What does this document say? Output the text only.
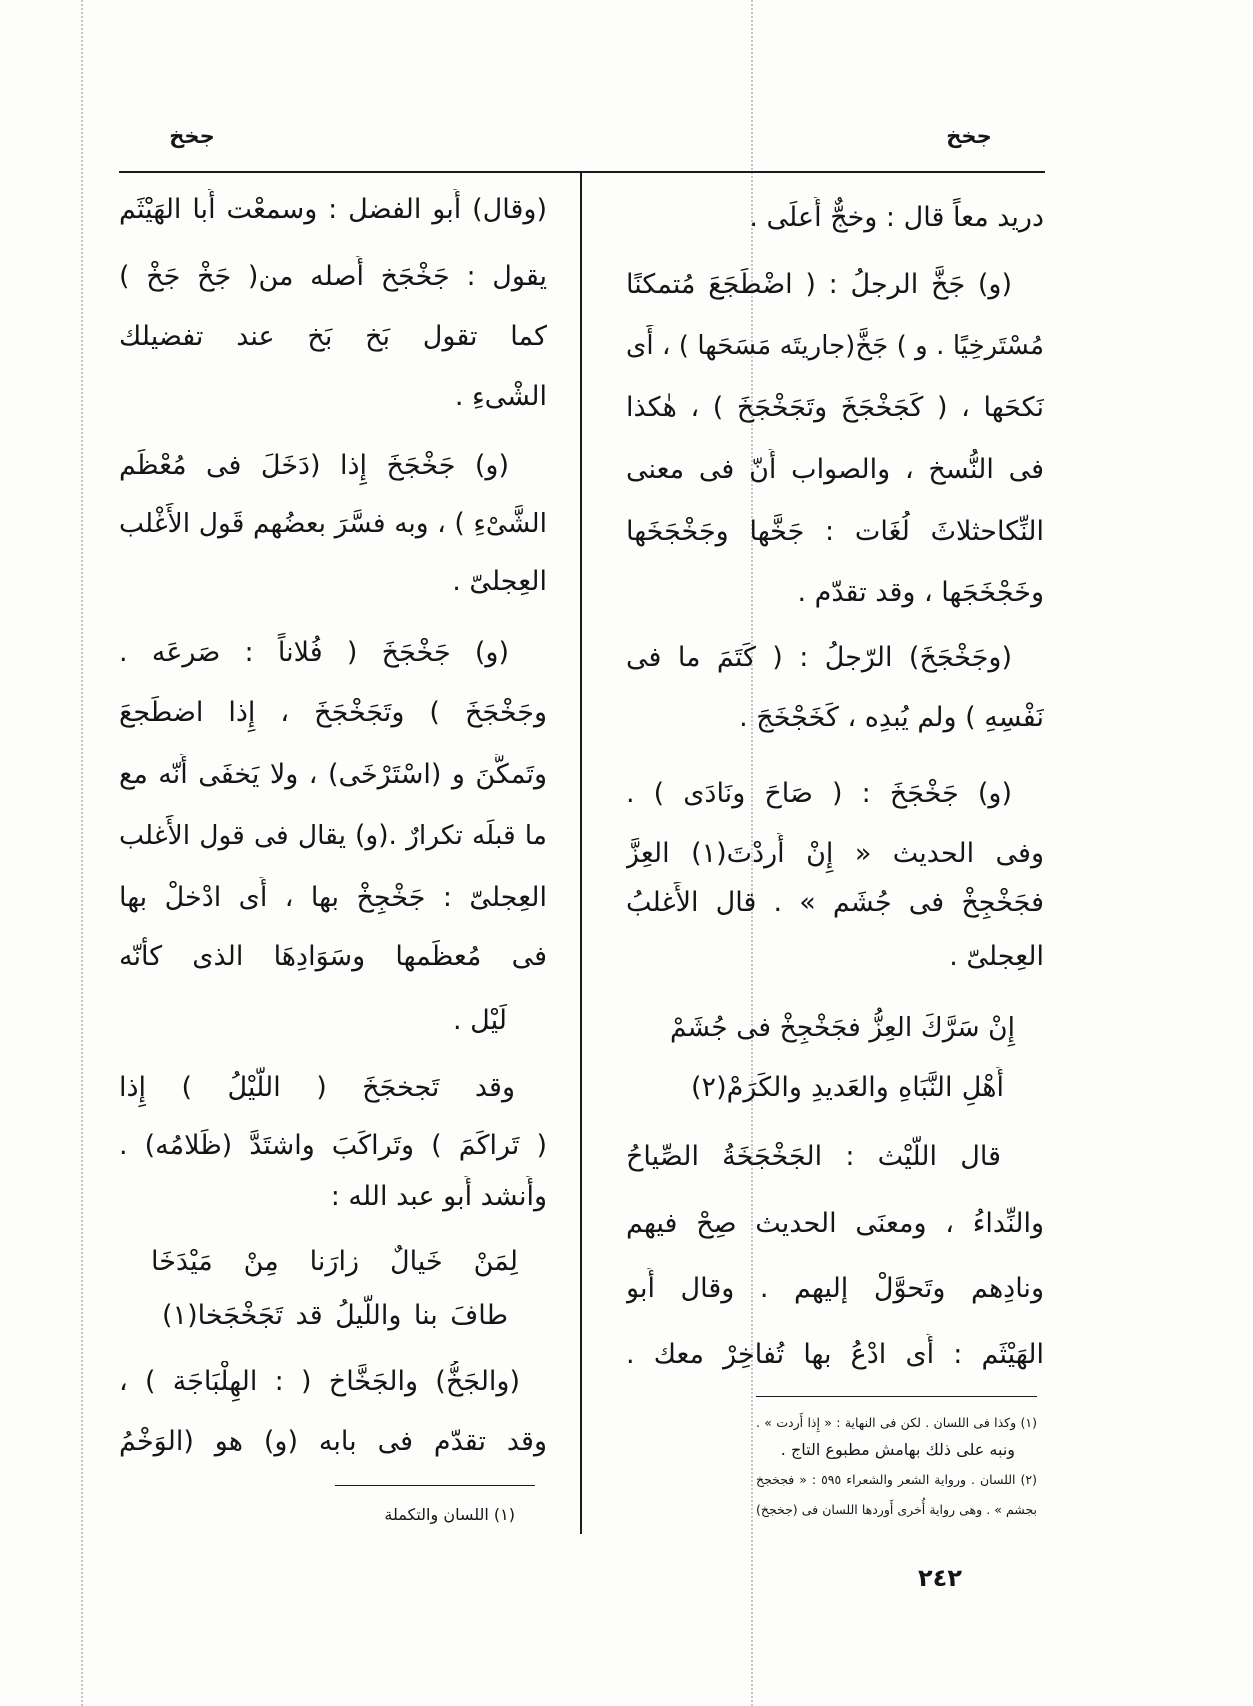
جخخ	جخخ
دريد معاً قال : وخجٌّ أَعلَى .
(و) جَخَّ الرجلُ : ( اضْطَجَعَ مُتمكنًا
مُسْتَرخِيًا . و ) جَخَّ(جاريتَه مَسَحَها ) ، أَى
نَكحَها ، ( كَجَخْجَخَ وتَجَخْجَخَ ) ، هٰكذا
فى النُّسخ ، والصواب أَنّ فى معنى
النِّكاحثلاثَ لُغَات : جَخَّها وجَخْجَخَها
وخَجْخَجَها ، وقد تقدّم .
(وجَخْجَخَ) الرّجلُ : ( كَتَمَ ما فى
نَفْسِهِ ) ولم يُبدِه ، كَخَجْخَجَ .
(و) جَخْجَخَ : ( صَاحَ ونَادَى ) .
وفى الحديث « إِنْ أَردْتَ(١) العِزَّ
فجَخْجِخْ فى جُشَم » . قال الأَغلبُ
العِجلىّ .
إِنْ سَرَّكَ العِزُّ فجَخْجِخْ فى جُشَمْ
أَهْلِ النَّبَاهِ والعَديدِ والكَرَمْ(٢)
قال اللَّيْث : الجَخْجَخَةُ الصِّياحُ
والنِّداءُ ، ومعنَى الحديث صِحْ فيهم
ونادِهم وتَحوَّلْ إليهم . وقال أَبو
الهَيْثَم : أَى ادْعُ بها تُفاخِرْ معك .
(١) وكذا فى اللسان . لكن فى النهاية : « إِذا أَردت » .
ونبه على ذلك بهامش مطبوع التاج .
(٢) اللسان . ورواية الشعر والشعراء ٥٩٥ : « فجخجخ
بجشم » . وهى رواية أُخرى أَوردها اللسان فى (جخجخ)
(وقال) أَبو الفضل : وسمعْت أَبا الهَيْثَم
يقول : جَخْجَخ أَصله من( جَخْ جَخْ )
كما تقول بَخ بَخ عند تفضيلك
الشْىءِ .
(و) جَخْجَخَ إِذا (دَخَلَ فى مُعْظَم
الشَّىْءِ ) ، وبه فسَّرَ بعضُهم قَول الأَغْلب
العِجلىّ .
(و) جَخْجَخَ ( فُلاناً : صَرعَه .
وجَخْجَخَ ) وتَجَخْجَخَ ، إِذا اضطَجعَ
وتَمكَّنَ و (اسْتَرْخَى) ، ولا يَخفَى أَنّه مع
ما قبلَه تكرارٌ .(و) يقال فى قول الأَغلب
العِجلىّ : جَخْجِخْ بها ، أَى ادْخلْ بها
فى مُعظَمها وسَوَادِهَا الذى كأَنّه
لَيْل .
وقد تَجخجَخَ ( اللَّيْلُ ) إِذا
( تَراكَمَ ) وتَراكَبَ واشتَدَّ (ظَلامُه) .
وأَنشد أَبو عبد الله :
لِمَنْ خَيالٌ زارَنا مِنْ مَيْدَخَا
طافَ بنا واللَّيلُ قد تَجَخْجَخا(١)
(والجَخُّ) والجَخَّاخ ( : الهِلْبَاجَة ) ،
وقد تقدّم فى بابه (و) هو (الوَخْمُ
(١) اللسان والتكملة
٢٤٢
